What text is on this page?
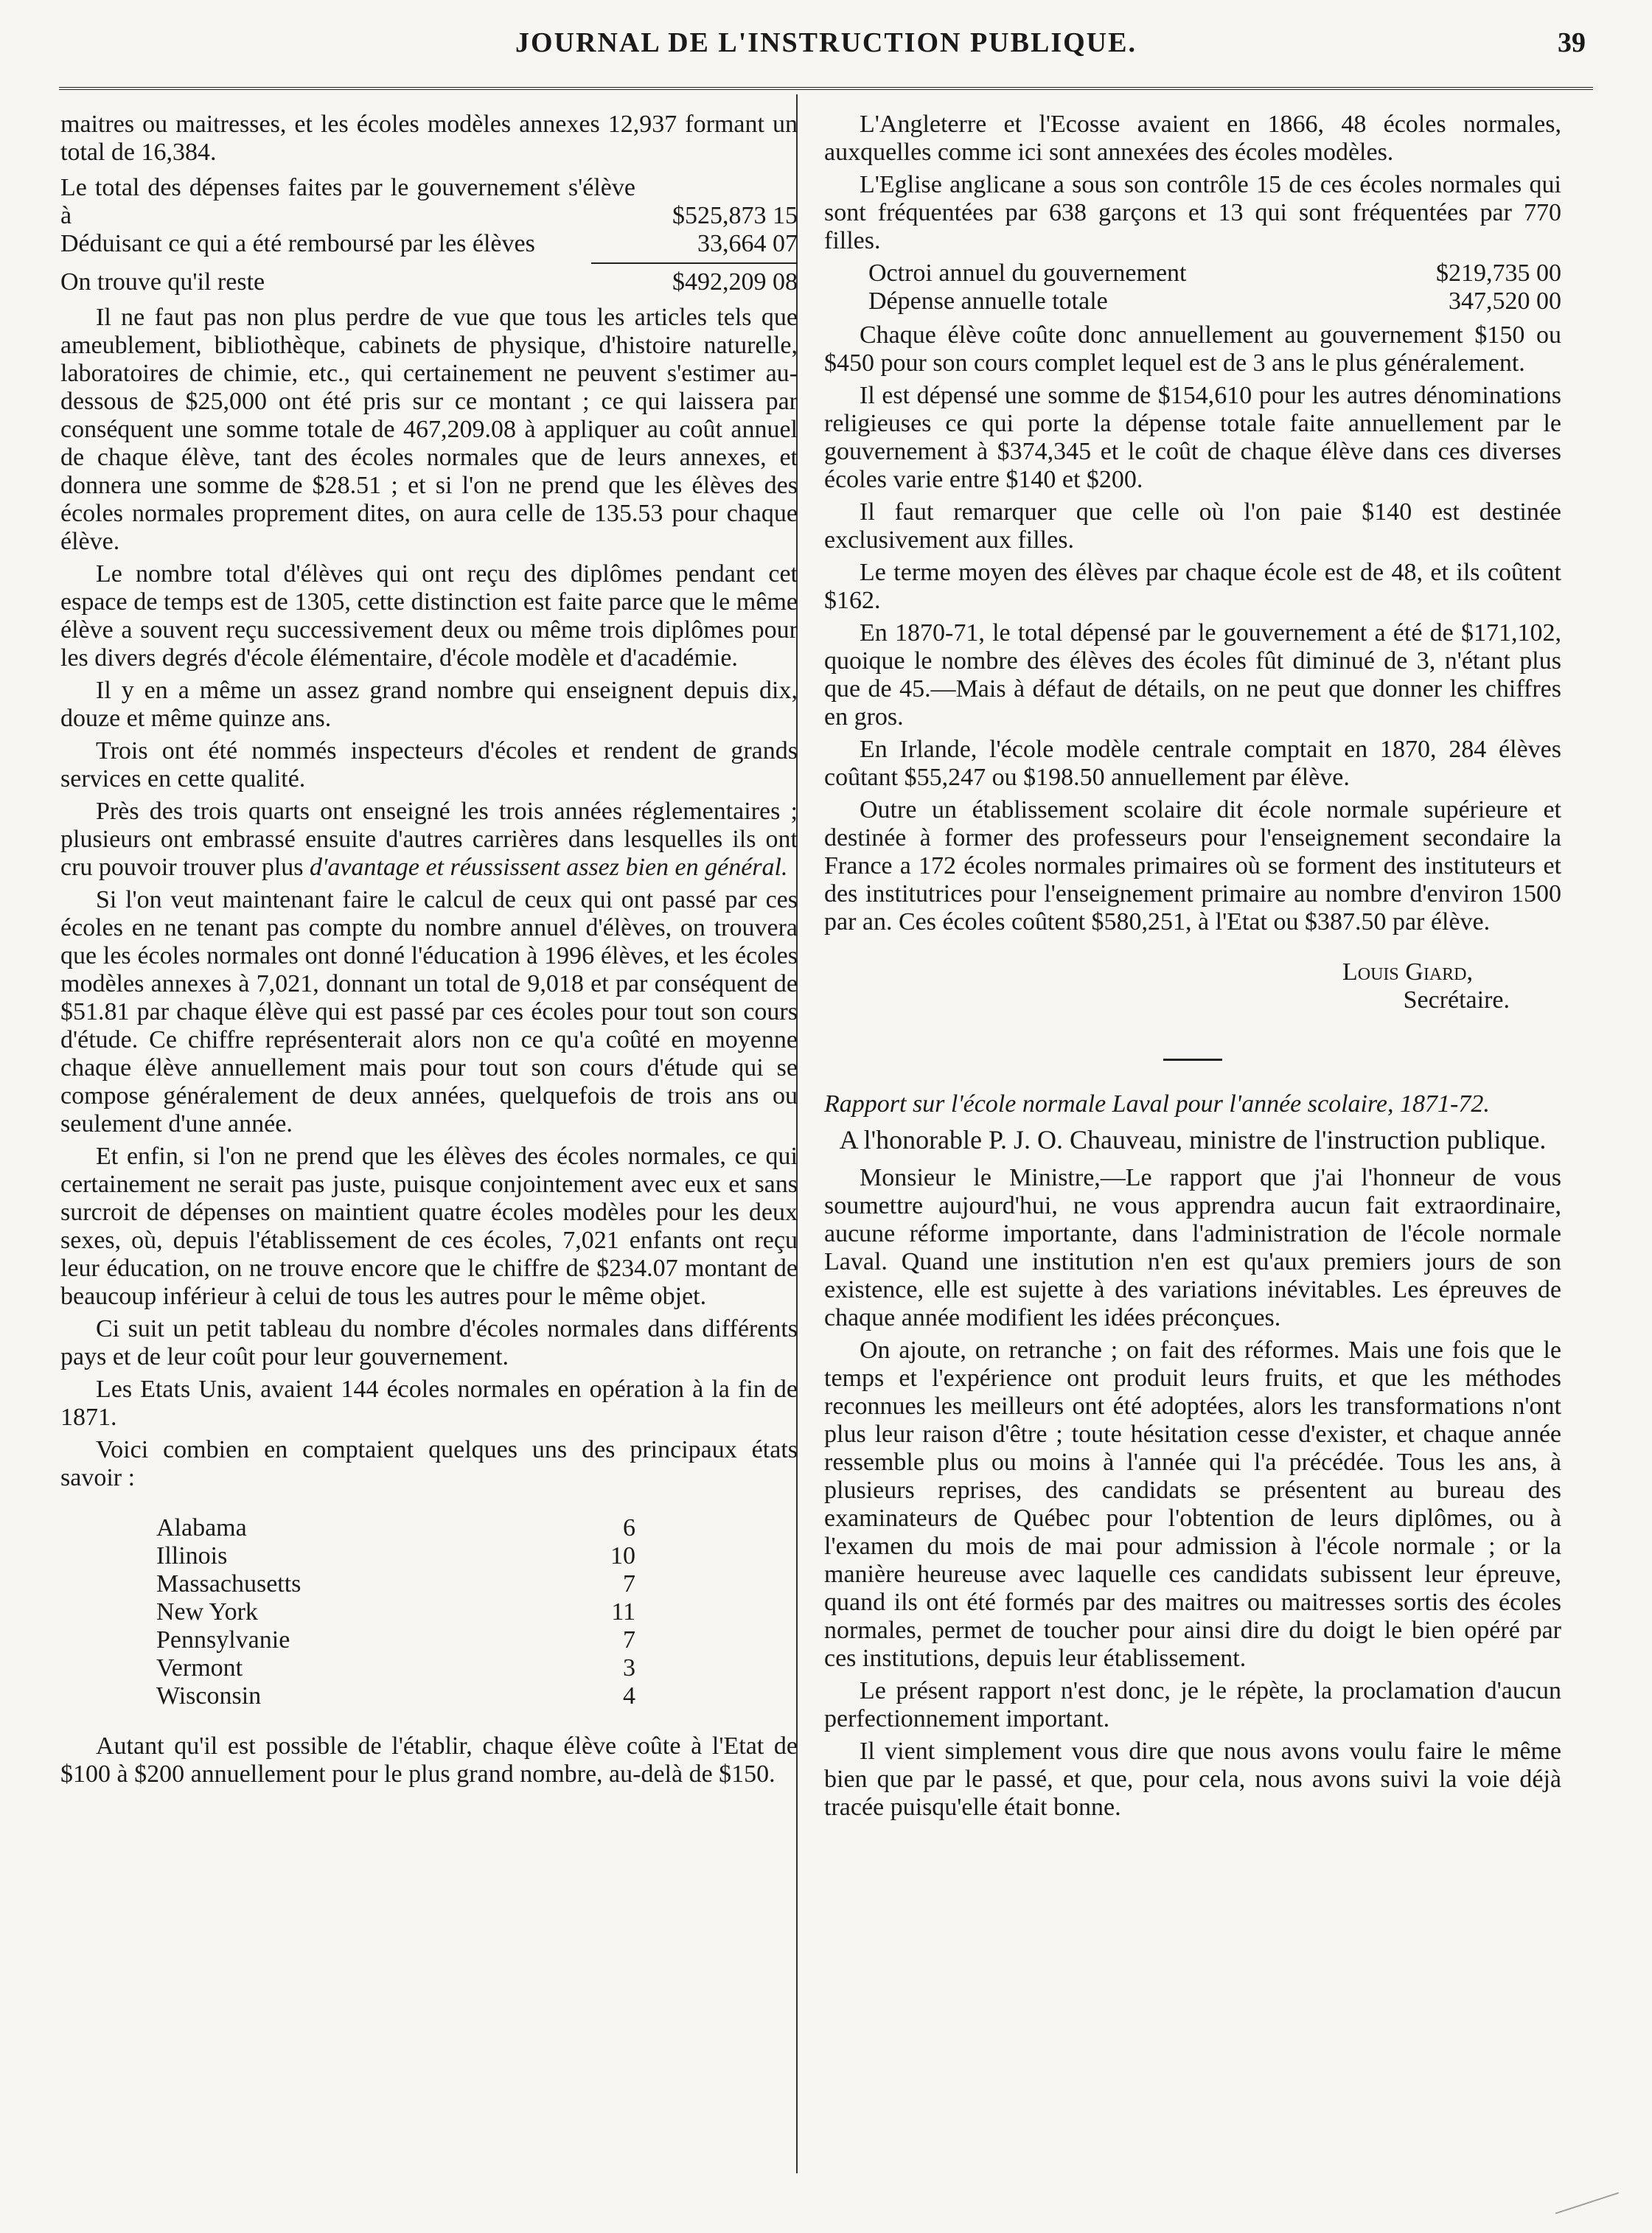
JOURNAL DE L'INSTRUCTION PUBLIQUE.	39

maitres ou maitresses, et les écoles modèles annexes 12,937 formant un total de 16,384.

Le total des dépenses faites par le gouvernement s'élève à	$525,873 15
Déduisant ce qui a été remboursé par les élèves	33,664 07
On trouve qu'il reste	$492,209 08

Il ne faut pas non plus perdre de vue que tous les articles tels que ameublement, bibliothèque, cabinets de physique, d'histoire naturelle, laboratoires de chimie, etc., qui certainement ne peuvent s'estimer au-dessous de $25,000 ont été pris sur ce montant ; ce qui laissera par conséquent une somme totale de 467,209.08 à appliquer au coût annuel de chaque élève, tant des écoles normales que de leurs annexes, et donnera une somme de $28.51 ; et si l'on ne prend que les élèves des écoles normales proprement dites, on aura celle de 135.53 pour chaque élève.

Le nombre total d'élèves qui ont reçu des diplômes pendant cet espace de temps est de 1305, cette distinction est faite parce que le même élève a souvent reçu successivement deux ou même trois diplômes pour les divers degrés d'école élémentaire, d'école modèle et d'académie.

Il y en a même un assez grand nombre qui enseignent depuis dix, douze et même quinze ans.

Trois ont été nommés inspecteurs d'écoles et rendent de grands services en cette qualité.

Près des trois quarts ont enseigné les trois années réglementaires ; plusieurs ont embrassé ensuite d'autres carrières dans lesquelles ils ont cru pouvoir trouver plus d'avantage et réussissent assez bien en général.

Si l'on veut maintenant faire le calcul de ceux qui ont passé par ces écoles en ne tenant pas compte du nombre annuel d'élèves, on trouvera que les écoles normales ont donné l'éducation à 1996 élèves, et les écoles modèles annexes à 7,021, donnant un total de 9,018 et par conséquent de $51.81 par chaque élève qui est passé par ces écoles pour tout son cours d'étude. Ce chiffre représenterait alors non ce qu'a coûté en moyenne chaque élève annuellement mais pour tout son cours d'étude qui se compose généralement de deux années, quelquefois de trois ans ou seulement d'une année.

Et enfin, si l'on ne prend que les élèves des écoles normales, ce qui certainement ne serait pas juste, puisque conjointement avec eux et sans surcroit de dépenses on maintient quatre écoles modèles pour les deux sexes, où, depuis l'établissement de ces écoles, 7,021 enfants ont reçu leur éducation, on ne trouve encore que le chiffre de $234.07 montant de beaucoup inférieur à celui de tous les autres pour le même objet.

Ci suit un petit tableau du nombre d'écoles normales dans différents pays et de leur coût pour leur gouvernement.

Les Etats Unis, avaient 144 écoles normales en opération à la fin de 1871.

Voici combien en comptaient quelques uns des principaux états savoir :

Alabama	6
Illinois	10
Massachusetts	7
New York	11
Pennsylvanie	7
Vermont	3
Wisconsin	4

Autant qu'il est possible de l'établir, chaque élève coûte à l'Etat de $100 à $200 annuellement pour le plus grand nombre, au-delà de $150.

L'Angleterre et l'Ecosse avaient en 1866, 48 écoles normales, auxquelles comme ici sont annexées des écoles modèles.

L'Eglise anglicane a sous son contrôle 15 de ces écoles normales qui sont fréquentées par 638 garçons et 13 qui sont fréquentées par 770 filles.

Octroi annuel du gouvernement	$219,735 00
Dépense annuelle totale	347,520 00

Chaque élève coûte donc annuellement au gouvernement $150 ou $450 pour son cours complet lequel est de 3 ans le plus généralement.

Il est dépensé une somme de $154,610 pour les autres dénominations religieuses ce qui porte la dépense totale faite annuellement par le gouvernement à $374,345 et le coût de chaque élève dans ces diverses écoles varie entre $140 et $200.

Il faut remarquer que celle où l'on paie $140 est destinée exclusivement aux filles.

Le terme moyen des élèves par chaque école est de 48, et ils coûtent $162.

En 1870-71, le total dépensé par le gouvernement a été de $171,102, quoique le nombre des élèves des écoles fût diminué de 3, n'étant plus que de 45.—Mais à défaut de détails, on ne peut que donner les chiffres en gros.

En Irlande, l'école modèle centrale comptait en 1870, 284 élèves coûtant $55,247 ou $198.50 annuellement par élève.

Outre un établissement scolaire dit école normale supérieure et destinée à former des professeurs pour l'enseignement secondaire la France a 172 écoles normales primaires où se forment des instituteurs et des institutrices pour l'enseignement primaire au nombre d'environ 1500 par an. Ces écoles coûtent $580,251, à l'Etat ou $387.50 par élève.

Louis Giard,
Secrétaire.

Rapport sur l'école normale Laval pour l'année scolaire, 1871-72.

A l'honorable P. J. O. Chauveau, ministre de l'instruction publique.

Monsieur le Ministre,—Le rapport que j'ai l'honneur de vous soumettre aujourd'hui, ne vous apprendra aucun fait extraordinaire, aucune réforme importante, dans l'administration de l'école normale Laval. Quand une institution n'en est qu'aux premiers jours de son existence, elle est sujette à des variations inévitables. Les épreuves de chaque année modifient les idées préconçues.

On ajoute, on retranche ; on fait des réformes. Mais une fois que le temps et l'expérience ont produit leurs fruits, et que les méthodes reconnues les meilleurs ont été adoptées, alors les transformations n'ont plus leur raison d'être ; toute hésitation cesse d'exister, et chaque année ressemble plus ou moins à l'année qui l'a précédée. Tous les ans, à plusieurs reprises, des candidats se présentent au bureau des examinateurs de Québec pour l'obtention de leurs diplômes, ou à l'examen du mois de mai pour admission à l'école normale ; or la manière heureuse avec laquelle ces candidats subissent leur épreuve, quand ils ont été formés par des maitres ou maitresses sortis des écoles normales, permet de toucher pour ainsi dire du doigt le bien opéré par ces institutions, depuis leur établissement.

Le présent rapport n'est donc, je le répète, la proclamation d'aucun perfectionnement important.

Il vient simplement vous dire que nous avons voulu faire le même bien que par le passé, et que, pour cela, nous avons suivi la voie déjà tracée puisqu'elle était bonne.
